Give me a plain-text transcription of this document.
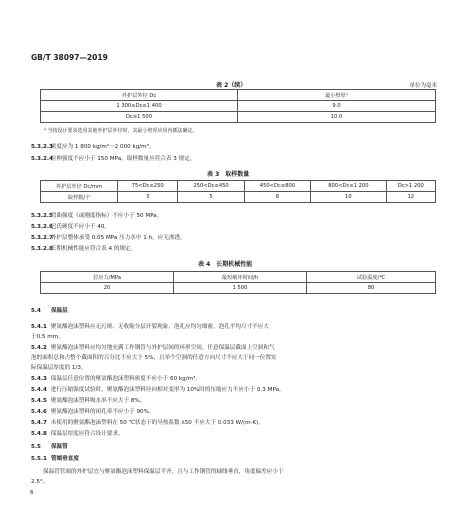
GB/T 38097—2019
表 2（续）	单位为毫米
外护层外径 Dc	最小壁厚ᵃ
1 300≤Dc≤1 400	9.0
Dc≥1 500	10.0
ᵃ 当按设计要求选用其他外护层外径时，其最小壁厚应用内插法确定。
5.3.2.3 密度应为 1 800 kg/m³～2 000 kg/m³。
5.3.2.4 拉伸强度不应小于 150 MPa，取样数量应符合表 3 规定。
表 3　取样数量
外护层外径 Dc/mm	75<Dc≤250	250<Dc≤450	450<Dc≤800	800<Dc≤1 200	Dc>1 200
取样数/个	3	5	8	10	12
5.3.2.5 弯曲强度（或刚度指标）不应小于 50 MPa。
5.3.2.6 巴氏硬度不应小于 40。
5.3.2.7 外护层整体承受 0.05 MPa 压力水中 1 h，应无渗透。
5.3.2.8 长期机械性能应符合表 4 的规定。
表 4　长期机械性能
拉应力/MPa	最短破坏时间/h	试验温度/℃
20	1 500	80
5.4 保温层
5.4.1 聚氨酯泡沫塑料应无污斑、无收缩分层开裂现象，泡孔应均匀细密，泡孔平均尺寸不应大
于0.5 mm。
5.4.2 聚氨酯泡沫塑料应均匀地充满工作钢管与外护层间的环形空间。任意保温层截面上空洞和气
泡的面积总和占整个截面积的百分比不应大于 5%，且单个空洞的任意方向尺寸不应大于同一位置实
际保温层厚度的 1/3。
5.4.3 保温层任意位置的聚氨酯泡沫塑料密度不应小于 60 kg/m³。
5.4.4 进行压缩强度试验时，聚氨酯泡沫塑料径向相对变形为 10%时的压缩应力不应小于 0.3 MPa。
5.4.5 聚氨酯泡沫塑料吸水率不应大于 8%。
5.4.6 聚氨酯泡沫塑料的闭孔率不应小于 90%。
5.4.7 未使用的聚氨酯泡沫塑料在 50 ℃状态下的导热系数 λ50 不应大于 0.033 W/(m·K)。
5.4.8 保温层厚度应符合设计要求。
5.5 保温管
5.5.1 管端垂直度
保温管管端的外护层宜与聚氨酯泡沫塑料保温层平齐，且与工作钢管的轴线垂直，角度偏差应小于
2.5°。
6
